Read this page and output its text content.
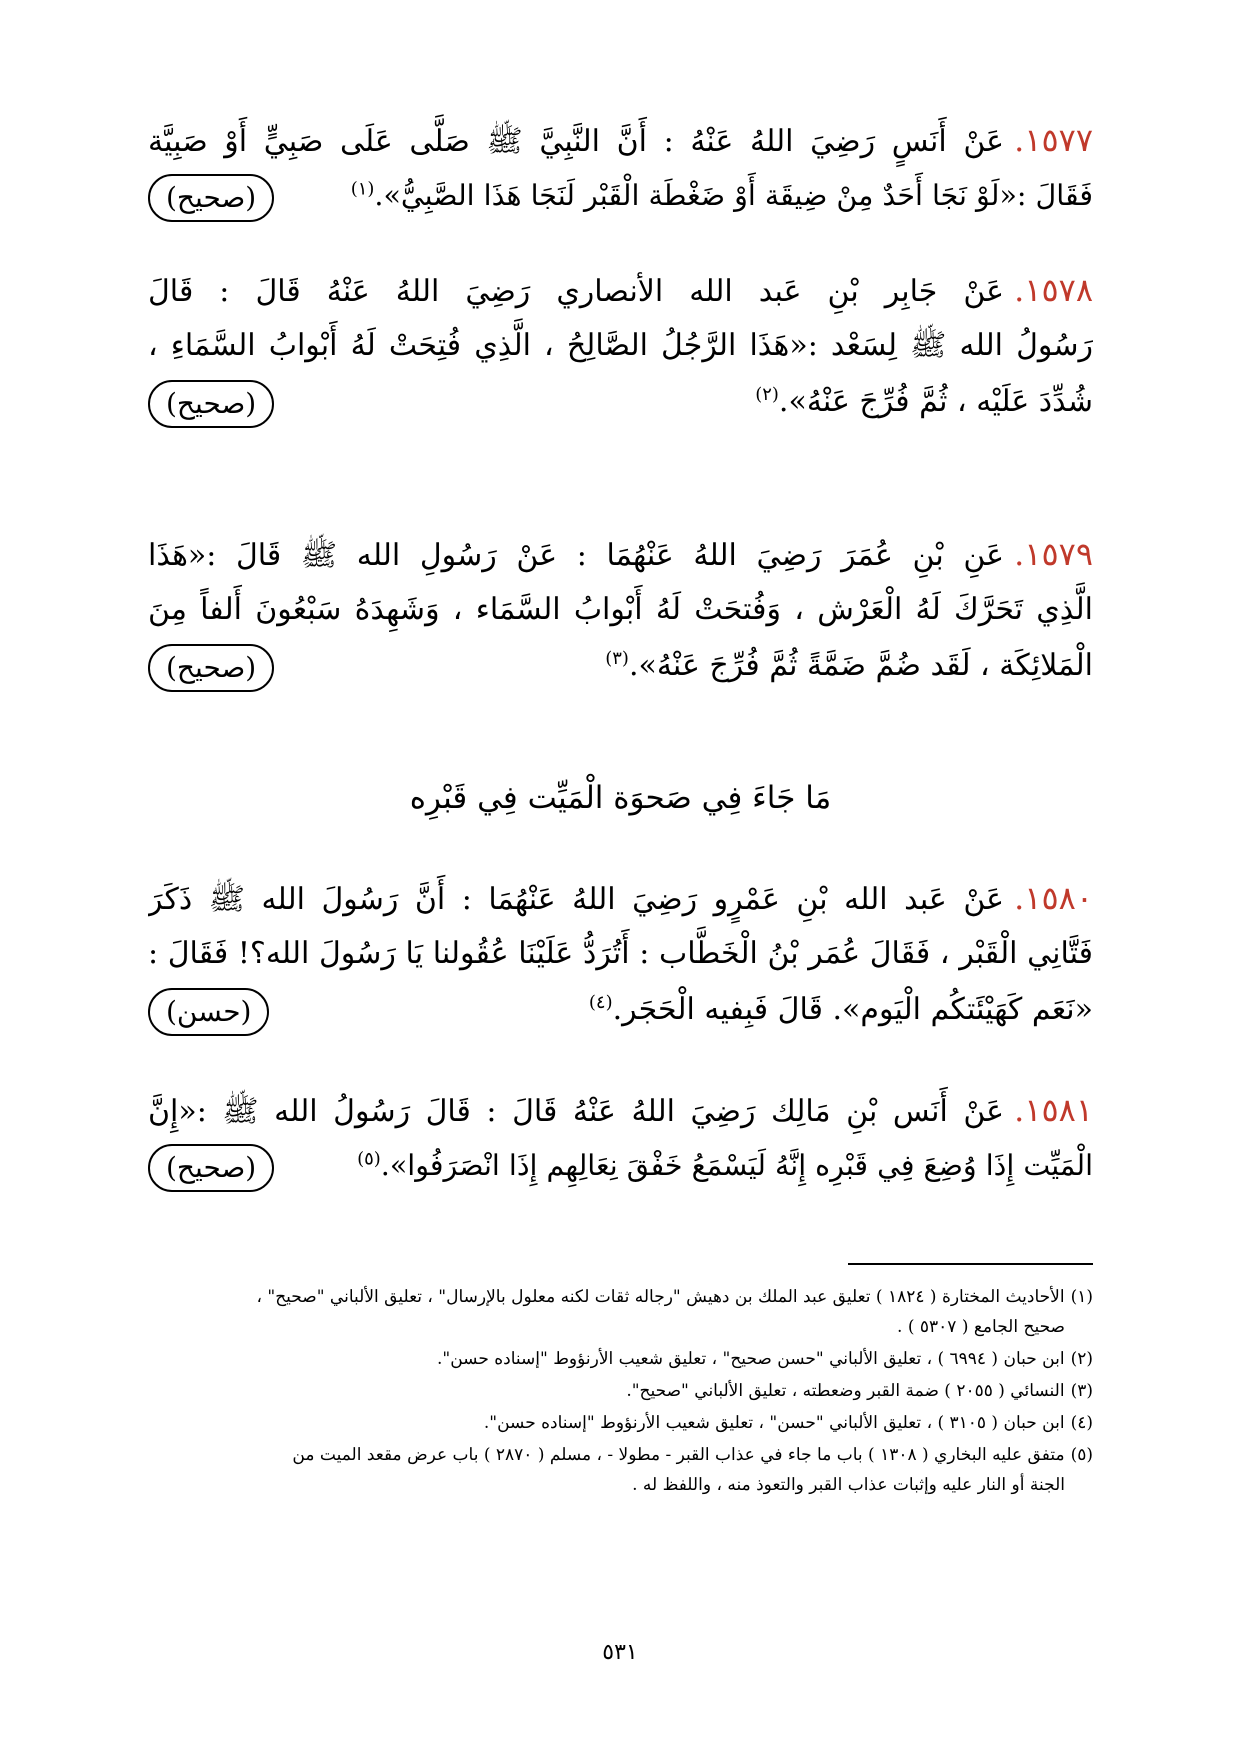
١٥٧٧.عَنْ أَنَسٍ رَضِيَ اللهُ عَنْهُ : أَنَّ النَّبِيَّ ﷺ صَلَّى عَلَى صَبِيٍّ أَوْ صَبِيَّة
فَقَالَ :«لَوْ نَجَا أَحَدٌ مِنْ ضِيقَة أَوْ ضَغْطَة الْقَبْر لَنَجَا هَذَا الصَّبِيُّ».$^{(١)}$
(صحيح)
١٥٧٨.عَنْ جَابِر بْنِ عَبد الله الأنصاري رَضِيَ اللهُ عَنْهُ قَالَ : قَالَ
رَسُولُ الله ﷺ لِسَعْد :«هَذَا الرَّجُلُ الصَّالِحُ ، الَّذِي فُتِحَتْ لَهُ أَبْوابُ السَّمَاءِ ،
شُدِّدَ عَلَيْه ، ثُمَّ فُرِّجَ عَنْهُ».$^{(٢)}$
(صحيح)
١٥٧٩.عَنِ بْنِ عُمَرَ رَضِيَ اللهُ عَنْهُمَا : عَنْ رَسُولِ الله ﷺ قَالَ :«هَذَا
الَّذِي تَحَرَّكَ لَهُ الْعَرْش ، وَفُتحَتْ لَهُ أَبْوابُ السَّمَاء ، وَشَهِدَهُ سَبْعُونَ أَلفاً مِنَ
الْمَلائِكَة ، لَقَد ضُمَّ ضَمَّةً ثُمَّ فُرِّجَ عَنْهُ».$^{(٣)}$
(صحيح)
مَا جَاءَ فِي صَحوَة الْمَيِّت فِي قَبْرِه
١٥٨٠.عَنْ عَبد الله بْنِ عَمْرٍو رَضِيَ اللهُ عَنْهُمَا : أَنَّ رَسُولَ الله ﷺ ذَكَرَ
فَتَّانِي الْقَبْر ، فَقَالَ عُمَر بْنُ الْخَطَّاب : أَتُرَدُّ عَلَيْنَا عُقُولنا يَا رَسُولَ الله؟! فَقَالَ :
«نَعَم كَهَيْئَتكُم الْيَوم». قَالَ فَبِفيه الْحَجَر.$^{(٤)}$
(حسن)
١٥٨١.عَنْ أَنَس بْنِ مَالِك رَضِيَ اللهُ عَنْهُ قَالَ : قَالَ رَسُولُ الله ﷺ :«إِنَّ
الْمَيِّت إِذَا وُضِعَ فِي قَبْرِه إِنَّهُ لَيَسْمَعُ خَفْقَ نِعَالِهِم إِذَا انْصَرَفُوا».$^{(٥)}$
(صحيح)
(١)الأحاديث المختارة ( ١٨٢٤ ) تعليق عبد الملك بن دهيش "رجاله ثقات لكنه معلول بالإرسال" ، تعليق الألباني "صحيح" ،
صحيح الجامع ( ٥٣٠٧ ) .
(٢)ابن حبان ( ٦٩٩٤ ) ، تعليق الألباني "حسن صحيح" ، تعليق شعيب الأرنؤوط "إسناده حسن".
(٣)النسائي ( ٢٠٥٥ ) ضمة القبر وضعطته ، تعليق الألباني "صحيح".
(٤)ابن حبان ( ٣١٠٥ ) ، تعليق الألباني "حسن" ، تعليق شعيب الأرنؤوط "إسناده حسن".
(٥)متفق عليه البخاري ( ١٣٠٨ ) باب ما جاء في عذاب القبر - مطولا - ، مسلم ( ٢٨٧٠ ) باب عرض مقعد الميت من
الجنة أو النار عليه وإثبات عذاب القبر والتعوذ منه ، واللفظ له .
٥٣١
